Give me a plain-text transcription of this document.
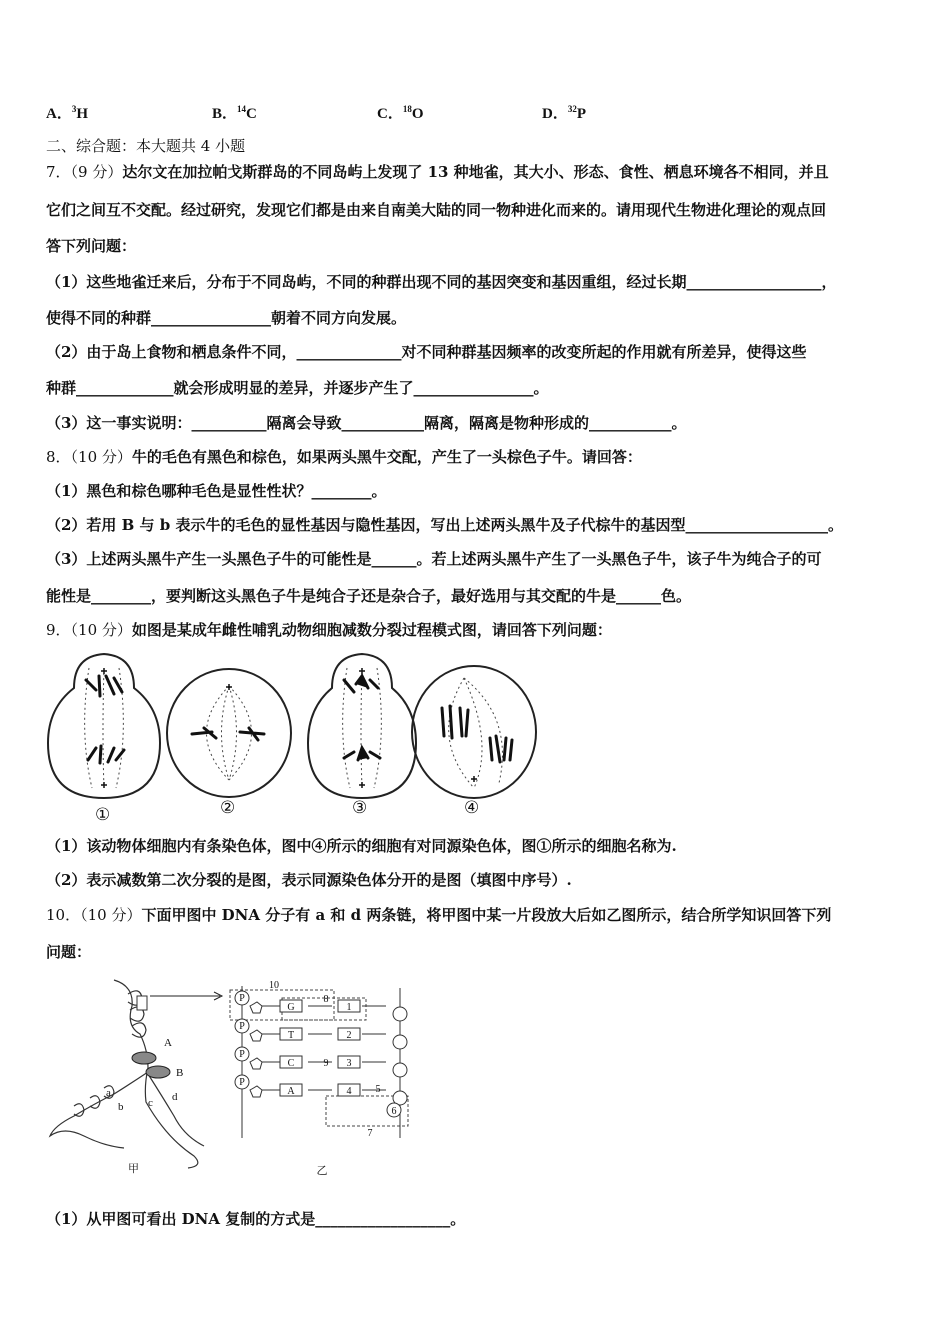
A．$^3$H	B．$^{14}$C	C．$^{18}$O	D．$^{32}$P
二、综合题：本大题共 4 小题
7．（9 分）达尔文在加拉帕戈斯群岛的不同岛屿上发现了 13 种地雀，其大小、形态、食性、栖息环境各不相同，并且
它们之间互不交配。经过研究，发现它们都是由来自南美大陆的同一物种进化而来的。请用现代生物进化理论的观点回
答下列问题：
（1）这些地雀迁来后，分布于不同岛屿，不同的种群出现不同的基因突变和基因重组，经过长期__________________，
使得不同的种群________________朝着不同方向发展。
（2）由于岛上食物和栖息条件不同，______________对不同种群基因频率的改变所起的作用就有所差异，使得这些
种群_____________就会形成明显的差异，并逐步产生了________________。
（3）这一事实说明：__________隔离会导致___________隔离，隔离是物种形成的___________。
8．（10 分）牛的毛色有黑色和棕色，如果两头黑牛交配，产生了一头棕色子牛。请回答：
（1）黑色和棕色哪种毛色是显性性状？________。
（2）若用 B 与 b 表示牛的毛色的显性基因与隐性基因，写出上述两头黑牛及子代棕牛的基因型___________________。
（3）上述两头黑牛产生一头黑色子牛的可能性是______。若上述两头黑牛产生了一头黑色子牛，该子牛为纯合子的可
能性是________，要判断这头黑色子牛是纯合子还是杂合子，最好选用与其交配的牛是______色。
9．（10 分）如图是某成年雌性哺乳动物细胞减数分裂过程模式图，请回答下列问题：
①	②	③	④
（1）该动物体细胞内有条染色体，图中④所示的细胞有对同源染色体，图①所示的细胞名称为.
（2）表示减数第二次分裂的是图，表示同源染色体分开的是图（填图中序号）.
10．（10 分）下面甲图中 DNA 分子有 a 和 d 两条链，将甲图中某一片段放大后如乙图所示，结合所学知识回答下列
问题：
A
B
a
b c d
甲
P
P
P
P
G
T
C
A
1
2
3
4
10
8
9
7
5
6
乙
（1）从甲图可看出 DNA 复制的方式是__________________。
